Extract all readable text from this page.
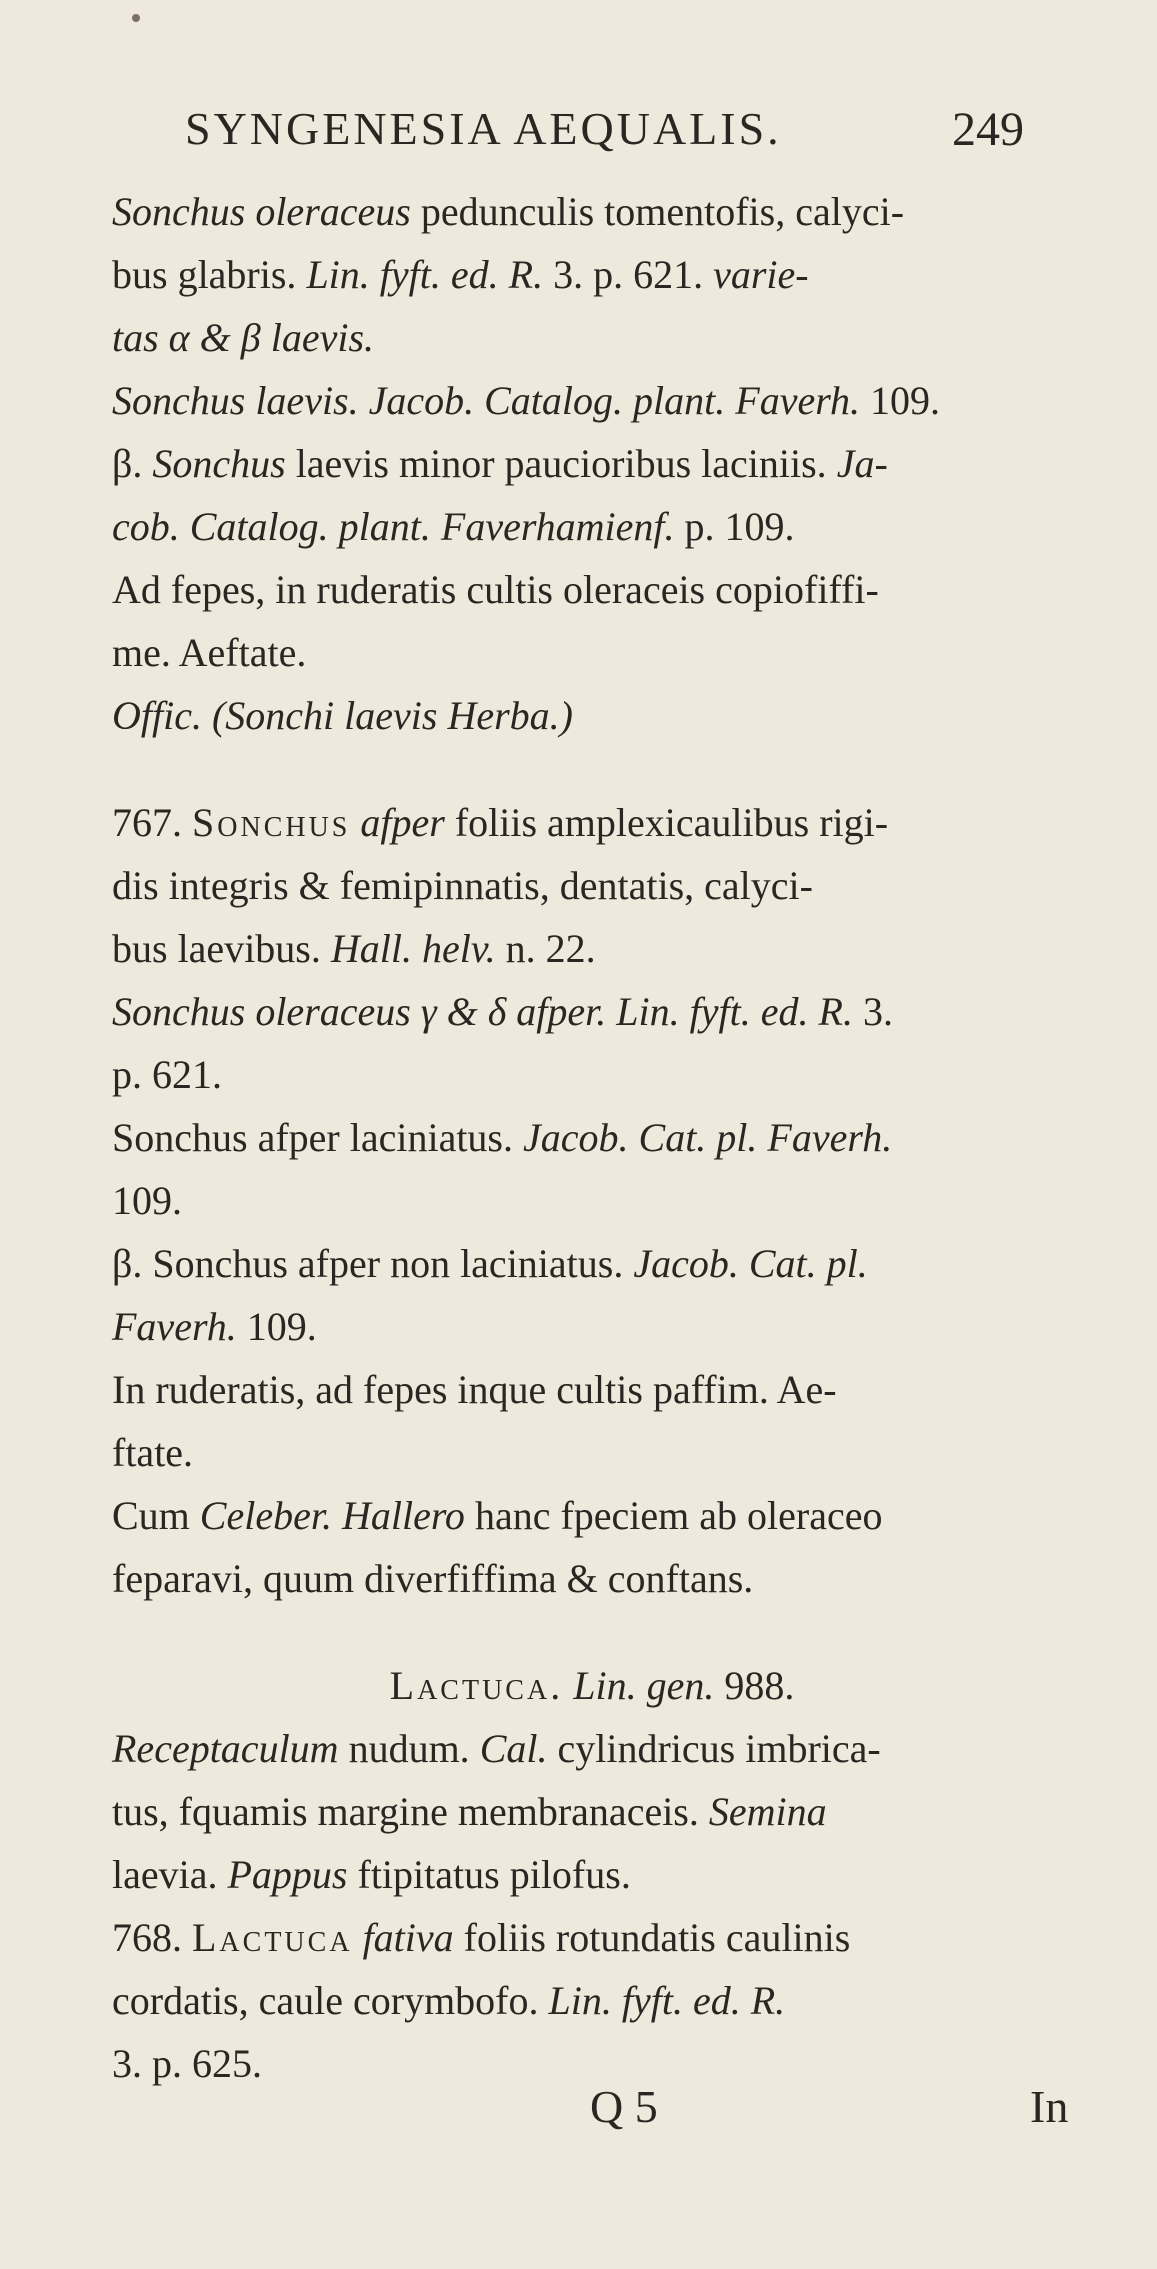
SYNGENESIA AEQUALIS.	249

Sonchus oleraceus pedunculis tomentofis, calyci-

bus glabris. Lin. fyft. ed. R. 3. p. 621. varie-

tas α & β laevis.

Sonchus laevis. Jacob. Catalog. plant. Faverh. 109.

β. Sonchus laevis minor paucioribus laciniis. Ja-

cob. Catalog. plant. Faverhamienf. p. 109.

Ad fepes, in ruderatis cultis oleraceis copiofiffi-

me. Aeftate.

Offic. (Sonchi laevis Herba.)

767. Sonchus afper foliis amplexicaulibus rigi-

dis integris & femipinnatis, dentatis, calyci-

bus laevibus. Hall. helv. n. 22.

Sonchus oleraceus γ & δ afper. Lin. fyft. ed. R. 3.

p. 621.

Sonchus afper laciniatus. Jacob. Cat. pl. Faverh.

109.

β. Sonchus afper non laciniatus. Jacob. Cat. pl.

Faverh. 109.

In ruderatis, ad fepes inque cultis paffim. Ae-

ftate.

Cum Celeber. Hallero hanc fpeciem ab oleraceo

feparavi, quum diverfiffima & conftans.

Lactuca. Lin. gen. 988.

Receptaculum nudum. Cal. cylindricus imbrica-

tus, fquamis margine membranaceis. Semina

laevia. Pappus ftipitatus pilofus.

768. Lactuca fativa foliis rotundatis caulinis

cordatis, caule corymbofo. Lin. fyft. ed. R.

3. p. 625.

Q 5	In
